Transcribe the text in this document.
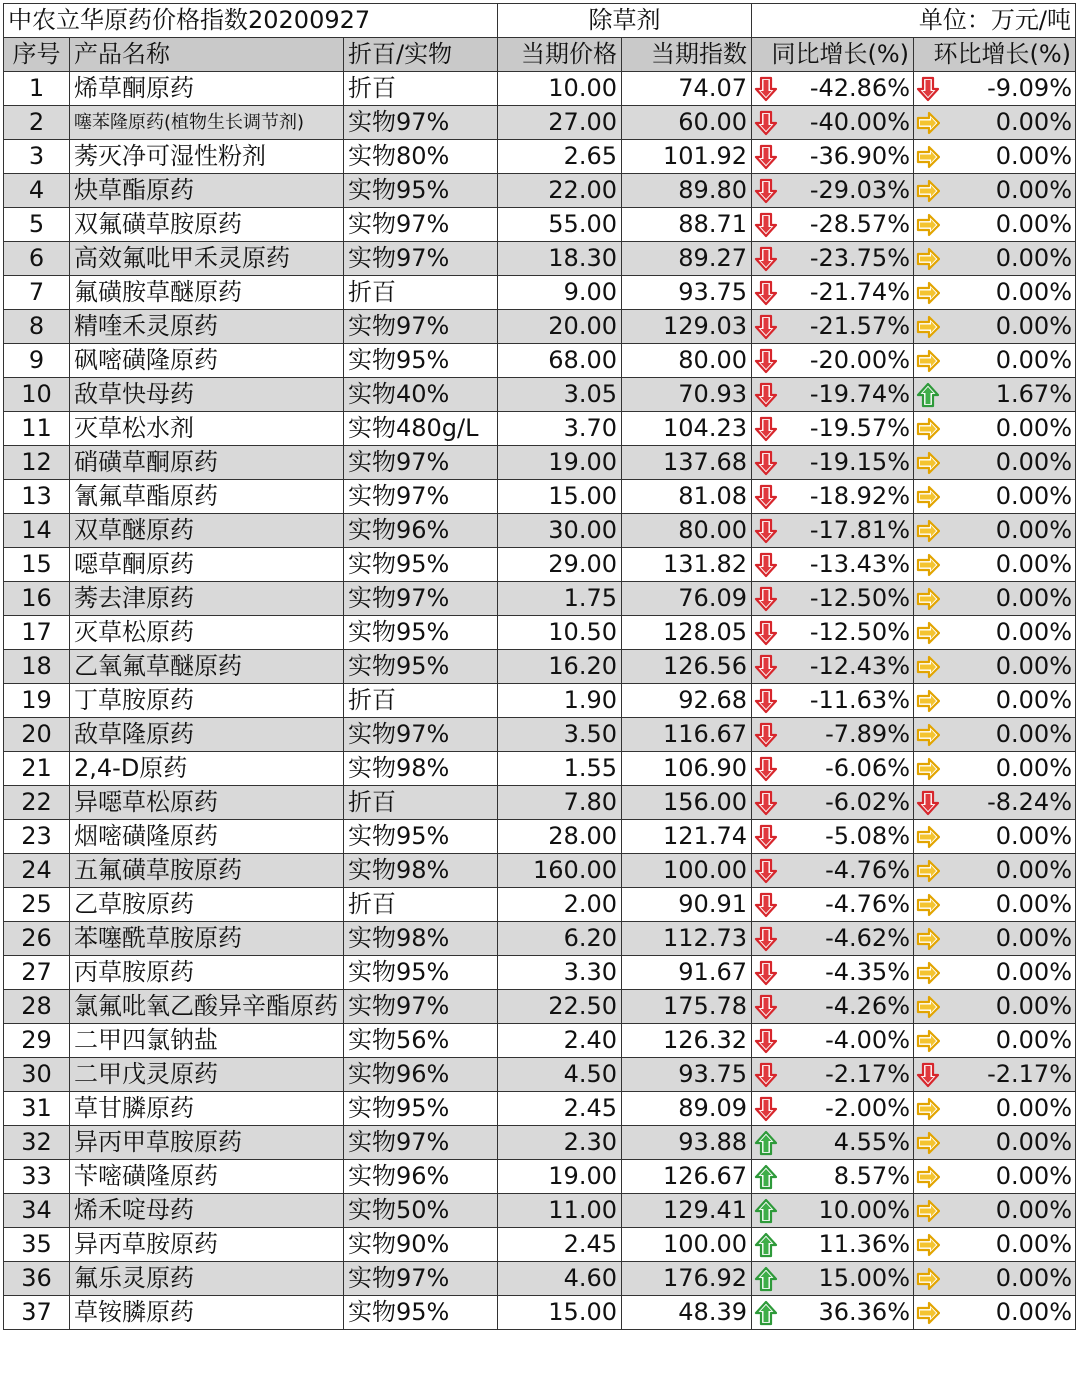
中农立华原药价格指数20200927			除草剂		单位：万元/吨	
序号	产品名称	折百/实物	当期价格	当期指数	同比增长(%)	环比增长(%)
1	烯草酮原药	折百	10.00	74.07	-42.86%	-9.09%

2	噻苯隆原药(植物生长调节剂)	实物97%	27.00	60.00	-40.00%	0.00%

3	莠灭净可湿性粉剂	实物80%	2.65	101.92	-36.90%	0.00%

4	炔草酯原药	实物95%	22.00	89.80	-29.03%	0.00%

5	双氟磺草胺原药	实物97%	55.00	88.71	-28.57%	0.00%

6	高效氟吡甲禾灵原药	实物97%	18.30	89.27	-23.75%	0.00%

7	氟磺胺草醚原药	折百	9.00	93.75	-21.74%	0.00%

8	精喹禾灵原药	实物97%	20.00	129.03	-21.57%	0.00%

9	砜嘧磺隆原药	实物95%	68.00	80.00	-20.00%	0.00%

10	敌草快母药	实物40%	3.05	70.93	-19.74%	1.67%

11	灭草松水剂	实物480g/L	3.70	104.23	-19.57%	0.00%

12	硝磺草酮原药	实物97%	19.00	137.68	-19.15%	0.00%

13	氰氟草酯原药	实物97%	15.00	81.08	-18.92%	0.00%

14	双草醚原药	实物96%	30.00	80.00	-17.81%	0.00%

15	噁草酮原药	实物95%	29.00	131.82	-13.43%	0.00%

16	莠去津原药	实物97%	1.75	76.09	-12.50%	0.00%

17	灭草松原药	实物95%	10.50	128.05	-12.50%	0.00%

18	乙氧氟草醚原药	实物95%	16.20	126.56	-12.43%	0.00%

19	丁草胺原药	折百	1.90	92.68	-11.63%	0.00%

20	敌草隆原药	实物97%	3.50	116.67	-7.89%	0.00%

21	2,4-D原药	实物98%	1.55	106.90	-6.06%	0.00%

22	异噁草松原药	折百	7.80	156.00	-6.02%	-8.24%

23	烟嘧磺隆原药	实物95%	28.00	121.74	-5.08%	0.00%

24	五氟磺草胺原药	实物98%	160.00	100.00	-4.76%	0.00%

25	乙草胺原药	折百	2.00	90.91	-4.76%	0.00%

26	苯噻酰草胺原药	实物98%	6.20	112.73	-4.62%	0.00%

27	丙草胺原药	实物95%	3.30	91.67	-4.35%	0.00%

28	氯氟吡氧乙酸异辛酯原药	实物97%	22.50	175.78	-4.26%	0.00%

29	二甲四氯钠盐	实物56%	2.40	126.32	-4.00%	0.00%

30	二甲戊灵原药	实物96%	4.50	93.75	-2.17%	-2.17%

31	草甘膦原药	实物95%	2.45	89.09	-2.00%	0.00%

32	异丙甲草胺原药	实物97%	2.30	93.88	4.55%	0.00%

33	苄嘧磺隆原药	实物96%	19.00	126.67	8.57%	0.00%

34	烯禾啶母药	实物50%	11.00	129.41	10.00%	0.00%

35	异丙草胺原药	实物90%	2.45	100.00	11.36%	0.00%

36	氟乐灵原药	实物97%	4.60	176.92	15.00%	0.00%

37	草铵膦原药	实物95%	15.00	48.39	36.36%	0.00%
